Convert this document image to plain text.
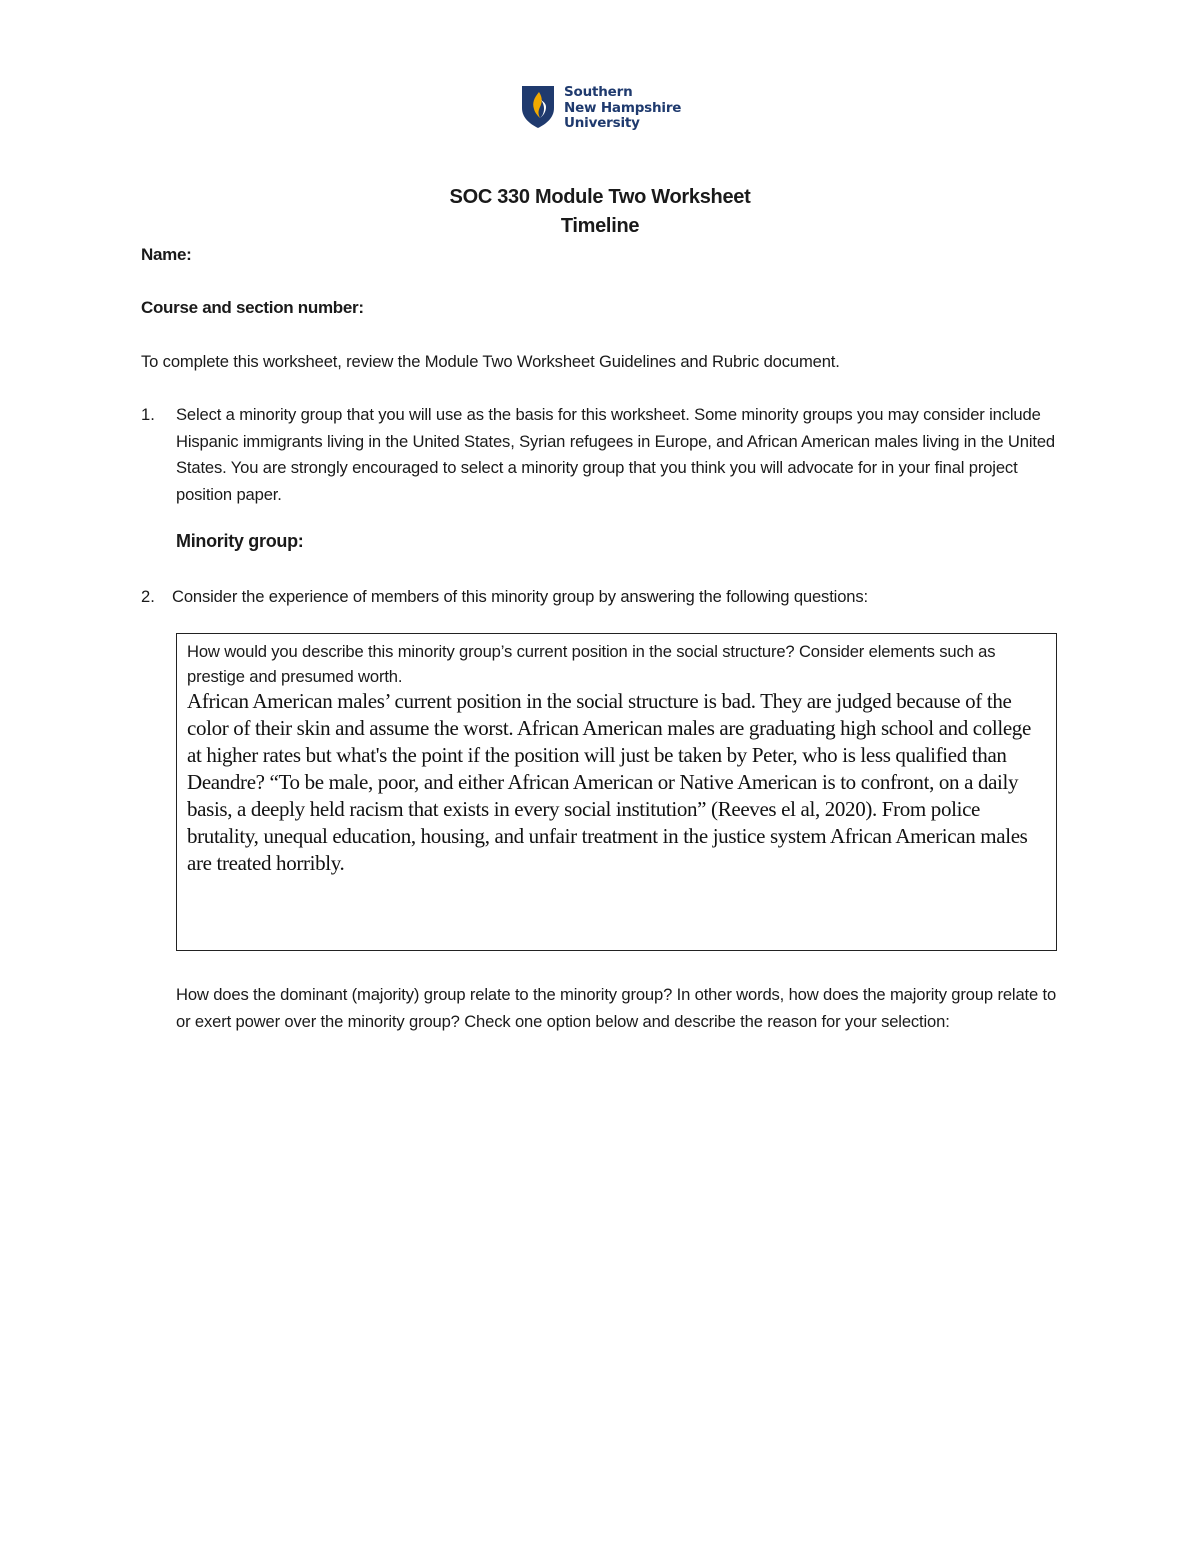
Southern
New Hampshire
University
SOC 330 Module Two Worksheet
Timeline
Name:
Course and section number:
To complete this worksheet, review the Module Two Worksheet Guidelines and Rubric document.
1. Select a minority group that you will use as the basis for this worksheet. Some minority groups you may consider include Hispanic immigrants living in the United States, Syrian refugees in Europe, and African American males living in the United States. You are strongly encouraged to select a minority group that you think you will advocate for in your final project position paper.
Minority group:
2. Consider the experience of members of this minority group by answering the following questions:
How would you describe this minority group’s current position in the social structure? Consider elements such as prestige and presumed worth.
African American males’ current position in the social structure is bad. They are judged because of the color of their skin and assume the worst. African American males are graduating high school and college at higher rates but what's the point if the position will just be taken by Peter, who is less qualified than Deandre? “To be male, poor, and either African American or Native American is to confront, on a daily basis, a deeply held racism that exists in every social institution” (Reeves el al, 2020). From police brutality, unequal education, housing, and unfair treatment in the justice system African American males are treated horribly.
How does the dominant (majority) group relate to the minority group? In other words, how does the majority group relate to or exert power over the minority group? Check one option below and describe the reason for your selection:
